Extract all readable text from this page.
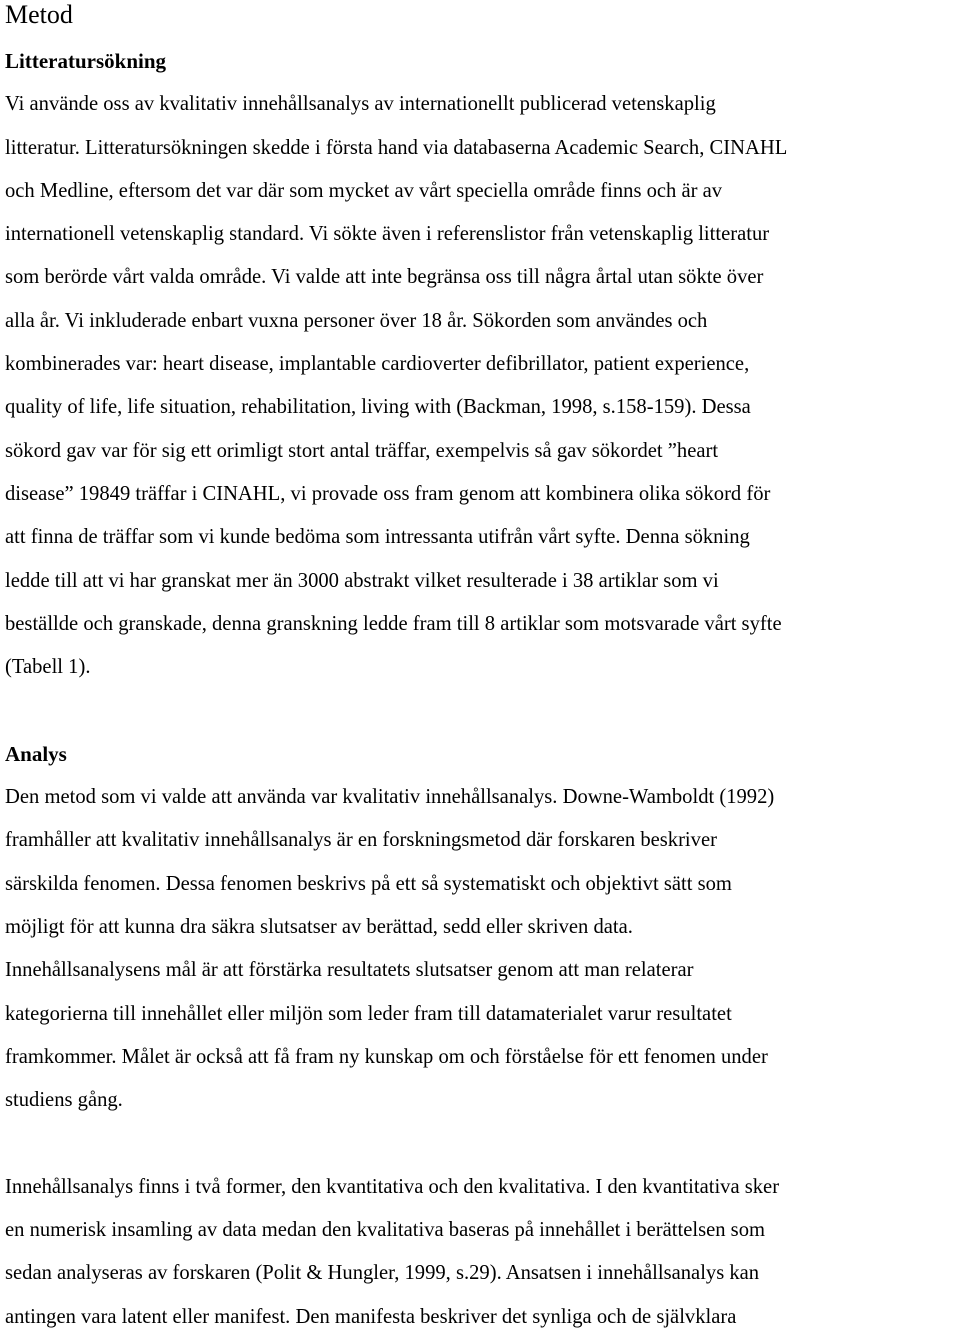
Metod
Litteratursökning

Vi använde oss av kvalitativ innehållsanalys av internationellt publicerad vetenskaplig
litteratur. Litteratursökningen skedde i första hand via databaserna Academic Search, CINAHL
och Medline, eftersom det var där som mycket av vårt speciella område finns och är av
internationell vetenskaplig standard. Vi sökte även i referenslistor från vetenskaplig litteratur
som berörde vårt valda område. Vi valde att inte begränsa oss till några årtal utan sökte över
alla år. Vi inkluderade enbart vuxna personer över 18 år. Sökorden som användes och
kombinerades var: heart disease, implantable cardioverter defibrillator, patient experience,
quality of life, life situation, rehabilitation, living with (Backman, 1998, s.158-159). Dessa
sökord gav var för sig ett orimligt stort antal träffar, exempelvis så gav sökordet ”heart
disease” 19849 träffar i CINAHL, vi provade oss fram genom att kombinera olika sökord för
att finna de träffar som vi kunde bedöma som intressanta utifrån vårt syfte. Denna sökning
ledde till att vi har granskat mer än 3000 abstrakt vilket resulterade i 38 artiklar som vi
beställde och granskade, denna granskning ledde fram till 8 artiklar som motsvarade vårt syfte
(Tabell 1).

Analys

Den metod som vi valde att använda var kvalitativ innehållsanalys. Downe-Wamboldt (1992)
framhåller att kvalitativ innehållsanalys är en forskningsmetod där forskaren beskriver
särskilda fenomen. Dessa fenomen beskrivs på ett så systematiskt och objektivt sätt som
möjligt för att kunna dra säkra slutsatser av berättad, sedd eller skriven data.
Innehållsanalysens mål är att förstärka resultatets slutsatser genom att man relaterar
kategorierna till innehållet eller miljön som leder fram till datamaterialet varur resultatet
framkommer. Målet är också att få fram ny kunskap om och förståelse för ett fenomen under
studiens gång.

Innehållsanalys finns i två former, den kvantitativa och den kvalitativa. I den kvantitativa sker
en numerisk insamling av data medan den kvalitativa baseras på innehållet i berättelsen som
sedan analyseras av forskaren (Polit & Hungler, 1999, s.29). Ansatsen i innehållsanalys kan
antingen vara latent eller manifest. Den manifesta beskriver det synliga och de självklara
